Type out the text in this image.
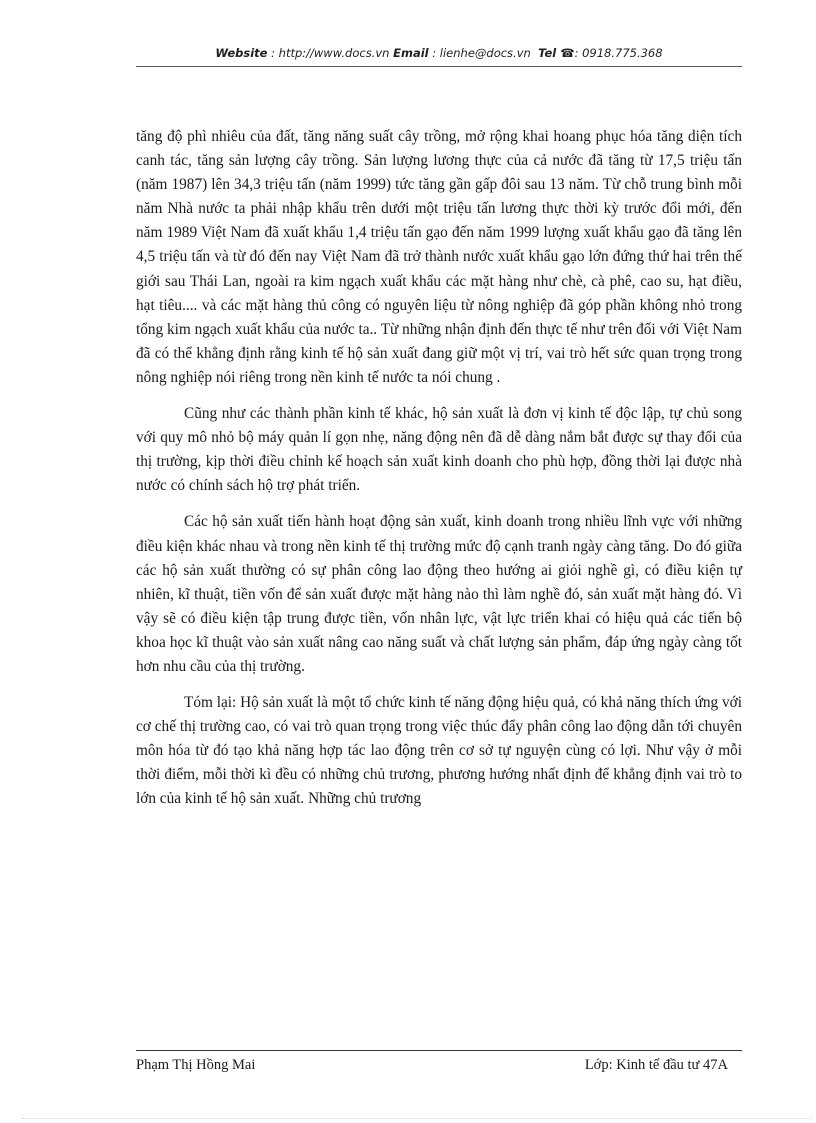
Website : http://www.docs.vn Email : lienhe@docs.vn Tel ☎: 0918.775.368

tăng độ phì nhiêu của đất, tăng năng suất cây trồng, mở rộng khai hoang phục hóa tăng diện tích canh tác, tăng sản lượng cây trồng. Sản lượng lương thực của cả nước đã tăng từ 17,5 triệu tấn (năm 1987) lên 34,3 triệu tấn (năm 1999) tức tăng gần gấp đôi sau 13 năm. Từ chỗ trung bình mỗi năm Nhà nước ta phải nhập khẩu trên dưới một triệu tấn lương thực thời kỳ trước đổi mới, đến năm 1989 Việt Nam đã xuất khẩu 1,4 triệu tấn gạo đến năm 1999 lượng xuất khẩu gạo đã tăng lên 4,5 triệu tấn và từ đó đến nay Việt Nam đã trở thành nước xuất khẩu gạo lớn đứng thứ hai trên thế giới sau Thái Lan, ngoài ra kim ngạch xuất khẩu các mặt hàng như chè, cà phê, cao su, hạt điều, hạt tiêu.... và các mặt hàng thủ công có nguyên liệu từ nông nghiệp đã góp phần không nhỏ trong tổng kim ngạch xuất khẩu của nước ta.. Từ những nhận định đến thực tế như trên đối với Việt Nam đã có thể khẳng định rằng kinh tế hộ sản xuất đang giữ một vị trí, vai trò hết sức quan trọng trong nông nghiệp nói riêng trong nền kinh tế nước ta nói chung .

Cũng như các thành phần kinh tế khác, hộ sản xuất là đơn vị kinh tế độc lập, tự chủ song với quy mô nhỏ bộ máy quản lí gọn nhẹ, năng động nên đã dễ dàng nắm bắt được sự thay đổi của thị trường, kịp thời điều chỉnh kế hoạch sản xuất kinh doanh cho phù hợp, đồng thời lại được nhà nước có chính sách hộ trợ phát triển.

Các hộ sản xuất tiến hành hoạt động sản xuất, kinh doanh trong nhiều lĩnh vực với những điều kiện khác nhau và trong nền kinh tế thị trường mức độ cạnh tranh ngày càng tăng. Do đó giữa các hộ sản xuất thường có sự phân công lao động theo hướng ai giỏi nghề gì, có điều kiện tự nhiên, kĩ thuật, tiền vốn để sản xuất được mặt hàng nào thì làm nghề đó, sản xuất mặt hàng đó. Vì vậy sẽ có điều kiện tập trung được tiền, vốn nhân lực, vật lực triển khai có hiệu quả các tiến bộ khoa học kĩ thuật vào sản xuất nâng cao năng suất và chất lượng sản phẩm, đáp ứng ngày càng tốt hơn nhu cầu của thị trường.

Tóm lại: Hộ sản xuất là một tổ chức kinh tế năng động hiệu quả, có khả năng thích ứng với cơ chế thị trường cao, có vai trò quan trọng trong việc thúc đẩy phân công lao động dẫn tới chuyên môn hóa từ đó tạo khả năng hợp tác lao động trên cơ sở tự nguyện cùng có lợi. Như vậy ở mỗi thời điểm, mỗi thời kì đều có những chủ trương, phương hướng nhất định để khẳng định vai trò to lớn của kinh tế hộ sản xuất. Những chủ trương

Phạm Thị Hồng Mai	Lớp: Kinh tế đầu tư 47A
